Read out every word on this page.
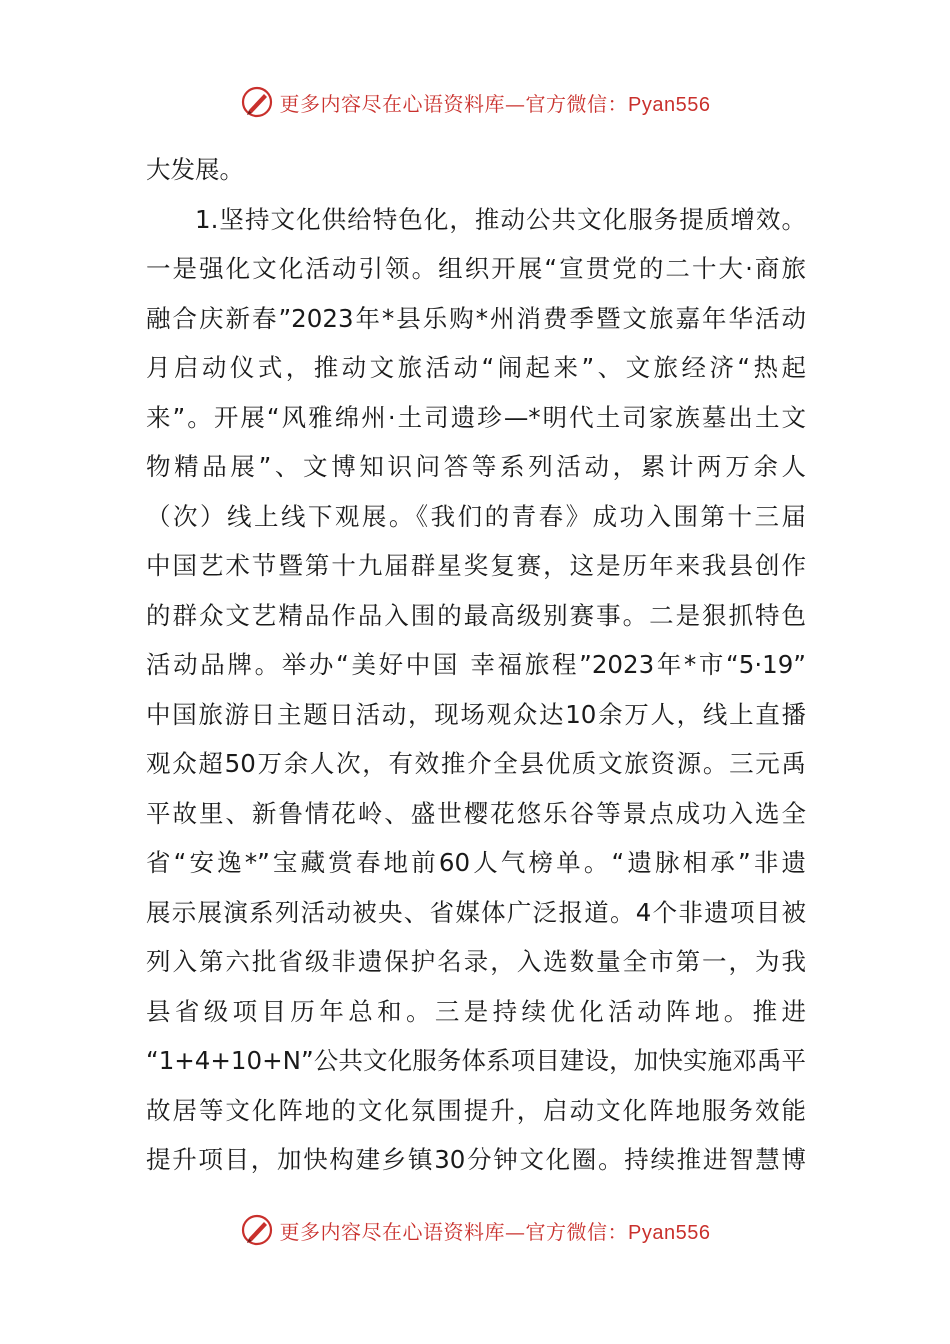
更多内容尽在心语资料库—官方微信：Pyan556
大发展。
1.坚持文化供给特色化，推动公共文化服务提质增效。
一是强化文化活动引领。组织开展“宣贯党的二十大·商旅
融合庆新春”2023年*县乐购*州消费季暨文旅嘉年华活动
月启动仪式，推动文旅活动“闹起来”、文旅经济“热起
来”。开展“风雅绵州·土司遗珍—*明代土司家族墓出土文
物精品展”、文博知识问答等系列活动，累计两万余人
（次）线上线下观展。《我们的青春》成功入围第十三届
中国艺术节暨第十九届群星奖复赛，这是历年来我县创作
的群众文艺精品作品入围的最高级别赛事。二是狠抓特色
活动品牌。举办“美好中国 幸福旅程”2023年*市“5·19”
中国旅游日主题日活动，现场观众达10余万人，线上直播
观众超50万余人次，有效推介全县优质文旅资源。三元禹
平故里、新鲁情花岭、盛世樱花悠乐谷等景点成功入选全
省“安逸*”宝藏赏春地前60人气榜单。“遗脉相承”非遗
展示展演系列活动被央、省媒体广泛报道。4个非遗项目被
列入第六批省级非遗保护名录，入选数量全市第一，为我
县省级项目历年总和。三是持续优化活动阵地。推进
“1+4+10+N”公共文化服务体系项目建设，加快实施邓禹平
故居等文化阵地的文化氛围提升，启动文化阵地服务效能
提升项目，加快构建乡镇30分钟文化圈。持续推进智慧博
更多内容尽在心语资料库—官方微信：Pyan556
